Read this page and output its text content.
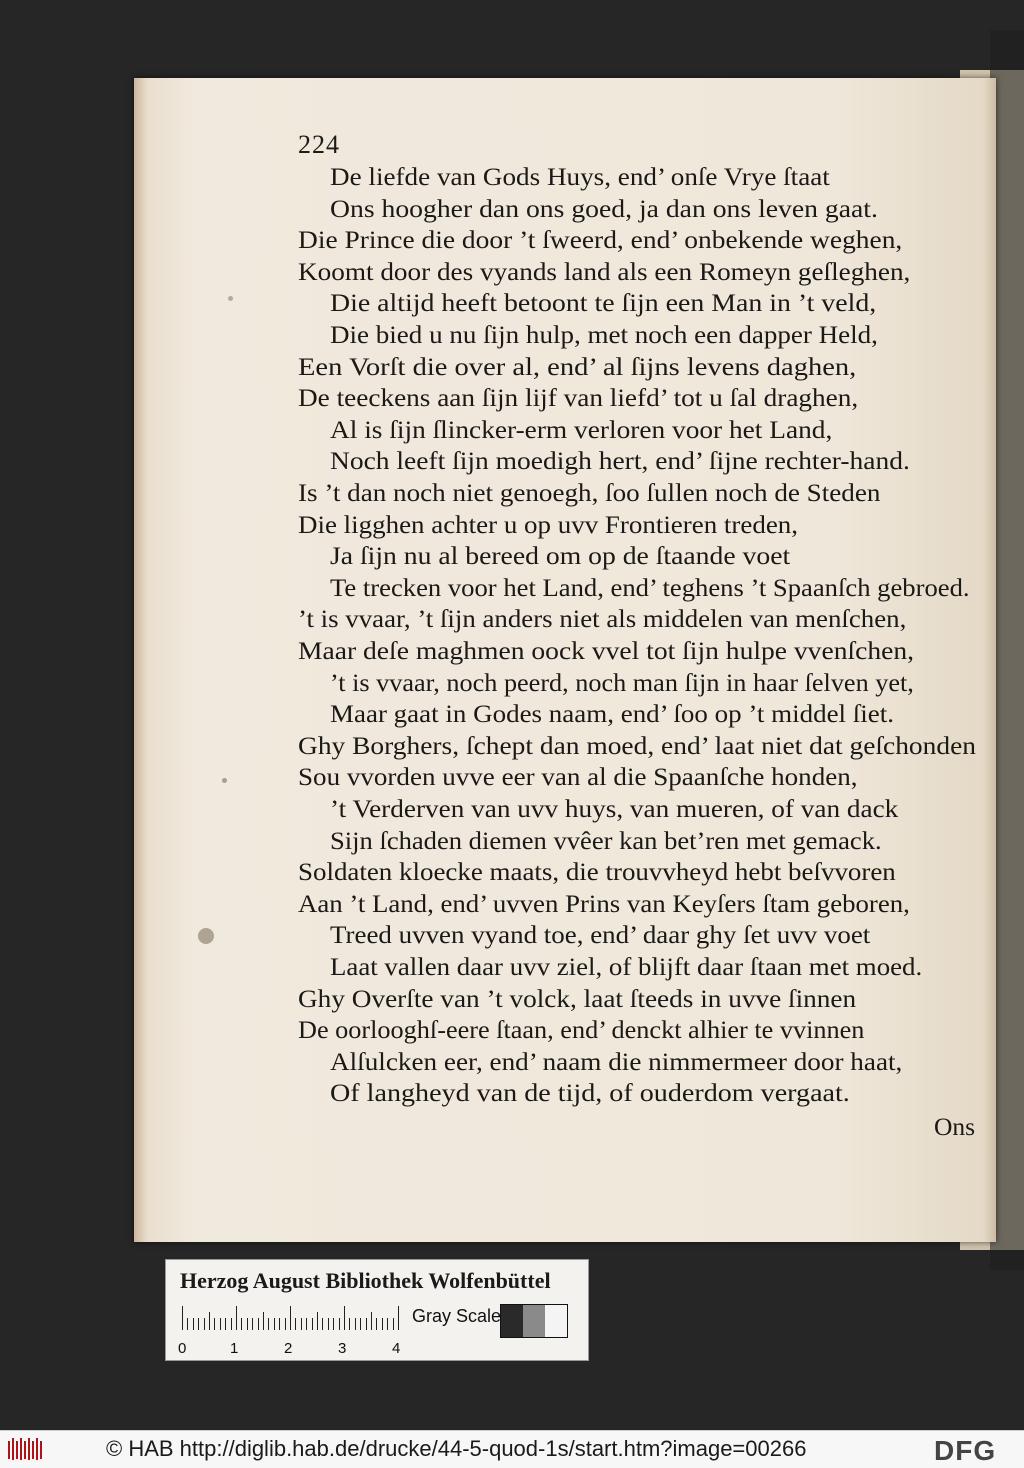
224
De liefde van Gods Huys, end’ onſe Vrye ſtaat
Ons hoogher dan ons goed, ja dan ons leven gaat.
Die Prince die door ’t ſweerd, end’ onbekende weghen,
Koomt door des vyands land als een Romeyn geſleghen,
Die altijd heeft betoont te ſijn een Man in ’t veld,
Die bied u nu ſijn hulp, met noch een dapper Held,
Een Vorſt die over al, end’ al ſijns levens daghen,
De teeckens aan ſijn lijf van liefd’ tot u ſal draghen,
Al is ſijn ſlincker-erm verloren voor het Land,
Noch leeft ſijn moedigh hert, end’ ſijne rechter-hand.
Is ’t dan noch niet genoegh, ſoo ſullen noch de Steden
Die ligghen achter u op uvv Frontieren treden,
Ja ſijn nu al bereed om op de ſtaande voet
Te trecken voor het Land, end’ teghens ’t Spaanſch gebroed.
’t is vvaar, ’t ſijn anders niet als middelen van menſchen,
Maar deſe maghmen oock vvel tot ſijn hulpe vvenſchen,
’t is vvaar, noch peerd, noch man ſijn in haar ſelven yet,
Maar gaat in Godes naam, end’ ſoo op ’t middel ſiet.
Ghy Borghers, ſchept dan moed, end’ laat niet dat geſchonden
Sou vvorden uvve eer van al die Spaanſche honden,
’t Verderven van uvv huys, van mueren, of van dack
Sijn ſchaden diemen vvêer kan bet’ren met gemack.
Soldaten kloecke maats, die trouvvheyd hebt beſvvoren
Aan ’t Land, end’ uvven Prins van Keyſers ſtam geboren,
Treed uvven vyand toe, end’ daar ghy ſet uvv voet
Laat vallen daar uvv ziel, of blijft daar ſtaan met moed.
Ghy Overſte van ’t volck, laat ſteeds in uvve ſinnen
De oorlooghſ-eere ſtaan, end’ denckt alhier te vvinnen
Alſulcken eer, end’ naam die nimmermeer door haat,
Of langheyd van de tijd, of ouderdom vergaat.
Ons
Herzog August Bibliothek Wolfenbüttel
0	1	2	3	4
Gray Scale
© HAB http://diglib.hab.de/drucke/44-5-quod-1s/start.htm?image=00266	DFG
